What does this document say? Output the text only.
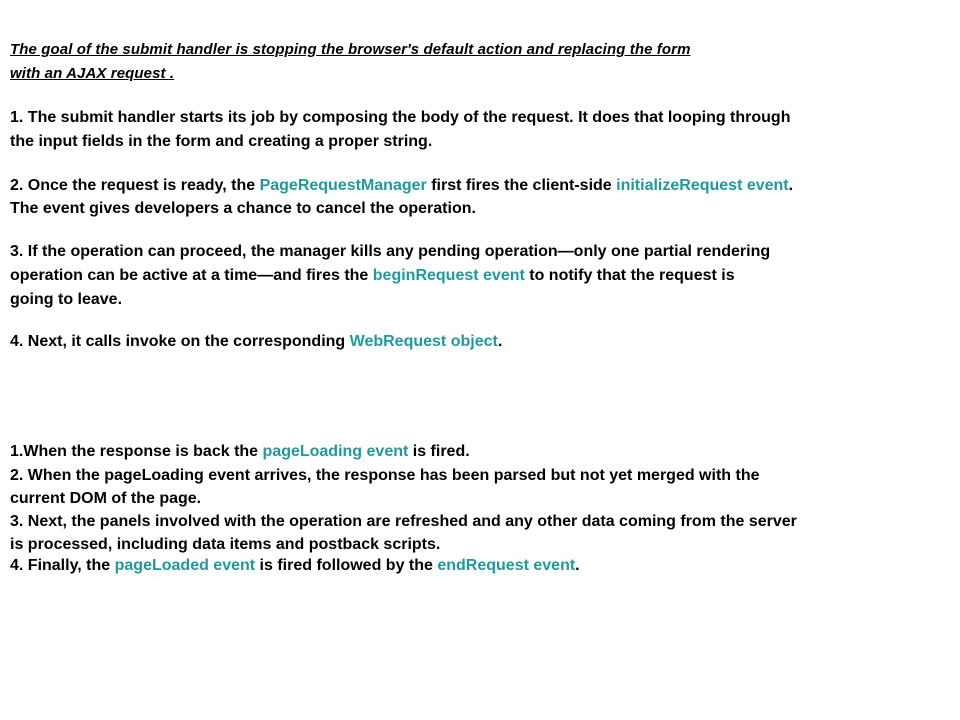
The goal of the submit handler is stopping the browser's default action and replacing the form
with an AJAX request .
1. The submit handler starts its job by composing the body of the request. It does that looping through
the input fields in the form and creating a proper string.
2. Once the request is ready, the PageRequestManager first fires the client-side initializeRequest event.
The event gives developers a chance to cancel the operation.
3. If the operation can proceed, the manager kills any pending operation—only one partial rendering
operation can be active at a time—and fires the beginRequest event to notify that the request is
going to leave.
4. Next, it calls invoke on the corresponding WebRequest object.
1.When the response is back the pageLoading event is fired.
2. When the pageLoading event arrives, the response has been parsed but not yet merged with the
current DOM of the page.
3. Next, the panels involved with the operation are refreshed and any other data coming from the server
is processed, including data items and postback scripts.
4. Finally, the pageLoaded event is fired followed by the endRequest event.
